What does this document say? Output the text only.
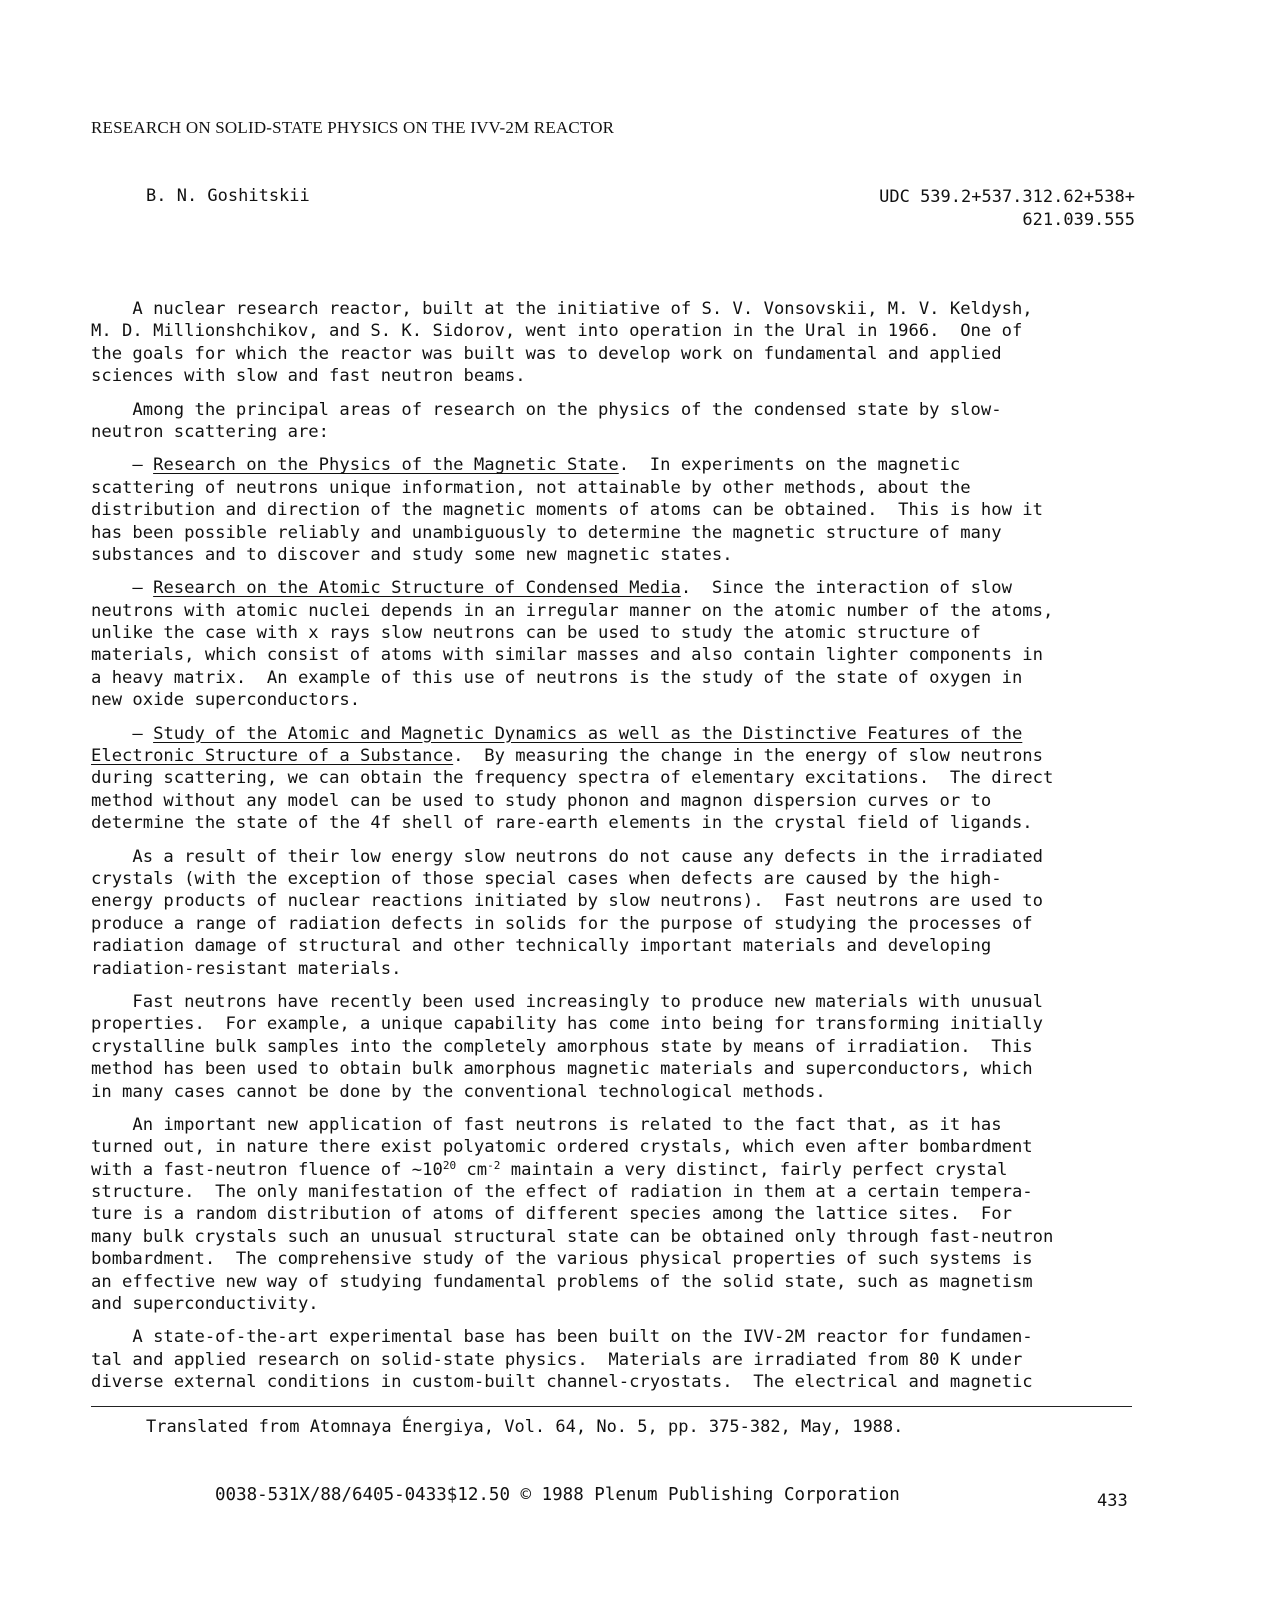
RESEARCH ON SOLID-STATE PHYSICS ON THE IVV-2M REACTOR
B. N. Goshitskii	UDC 539.2+537.312.62+538+
621.039.555
A nuclear research reactor, built at the initiative of S. V. Vonsovskii, M. V. Keldysh,
M. D. Millionshchikov, and S. K. Sidorov, went into operation in the Ural in 1966.  One of
the goals for which the reactor was built was to develop work on fundamental and applied
sciences with slow and fast neutron beams.
Among the principal areas of research on the physics of the condensed state by slow-
neutron scattering are:
– Research on the Physics of the Magnetic State.  In experiments on the magnetic
scattering of neutrons unique information, not attainable by other methods, about the
distribution and direction of the magnetic moments of atoms can be obtained.  This is how it
has been possible reliably and unambiguously to determine the magnetic structure of many
substances and to discover and study some new magnetic states.
– Research on the Atomic Structure of Condensed Media.  Since the interaction of slow
neutrons with atomic nuclei depends in an irregular manner on the atomic number of the atoms,
unlike the case with x rays slow neutrons can be used to study the atomic structure of
materials, which consist of atoms with similar masses and also contain lighter components in
a heavy matrix.  An example of this use of neutrons is the study of the state of oxygen in
new oxide superconductors.
– Study of the Atomic and Magnetic Dynamics as well as the Distinctive Features of the
Electronic Structure of a Substance.  By measuring the change in the energy of slow neutrons
during scattering, we can obtain the frequency spectra of elementary excitations.  The direct
method without any model can be used to study phonon and magnon dispersion curves or to
determine the state of the 4f shell of rare-earth elements in the crystal field of ligands.
As a result of their low energy slow neutrons do not cause any defects in the irradiated
crystals (with the exception of those special cases when defects are caused by the high-
energy products of nuclear reactions initiated by slow neutrons).  Fast neutrons are used to
produce a range of radiation defects in solids for the purpose of studying the processes of
radiation damage of structural and other technically important materials and developing
radiation-resistant materials.
Fast neutrons have recently been used increasingly to produce new materials with unusual
properties.  For example, a unique capability has come into being for transforming initially
crystalline bulk samples into the completely amorphous state by means of irradiation.  This
method has been used to obtain bulk amorphous magnetic materials and superconductors, which
in many cases cannot be done by the conventional technological methods.
An important new application of fast neutrons is related to the fact that, as it has
turned out, in nature there exist polyatomic ordered crystals, which even after bombardment
with a fast-neutron fluence of $\sim 10^{20}$ $cm^{-2}$ maintain a very distinct, fairly perfect crystal
structure.  The only manifestation of the effect of radiation in them at a certain tempera-
ture is a random distribution of atoms of different species among the lattice sites.  For
many bulk crystals such an unusual structural state can be obtained only through fast-neutron
bombardment.  The comprehensive study of the various physical properties of such systems is
an effective new way of studying fundamental problems of the solid state, such as magnetism
and superconductivity.
A state-of-the-art experimental base has been built on the IVV-2M reactor for fundamen-
tal and applied research on solid-state physics.  Materials are irradiated from 80 K under
diverse external conditions in custom-built channel-cryostats.  The electrical and magnetic
Translated from Atomnaya Énergiya, Vol. 64, No. 5, pp. 375-382, May, 1988.
0038-531X/88/6405-0433$12.50 © 1988 Plenum Publishing Corporation	433
